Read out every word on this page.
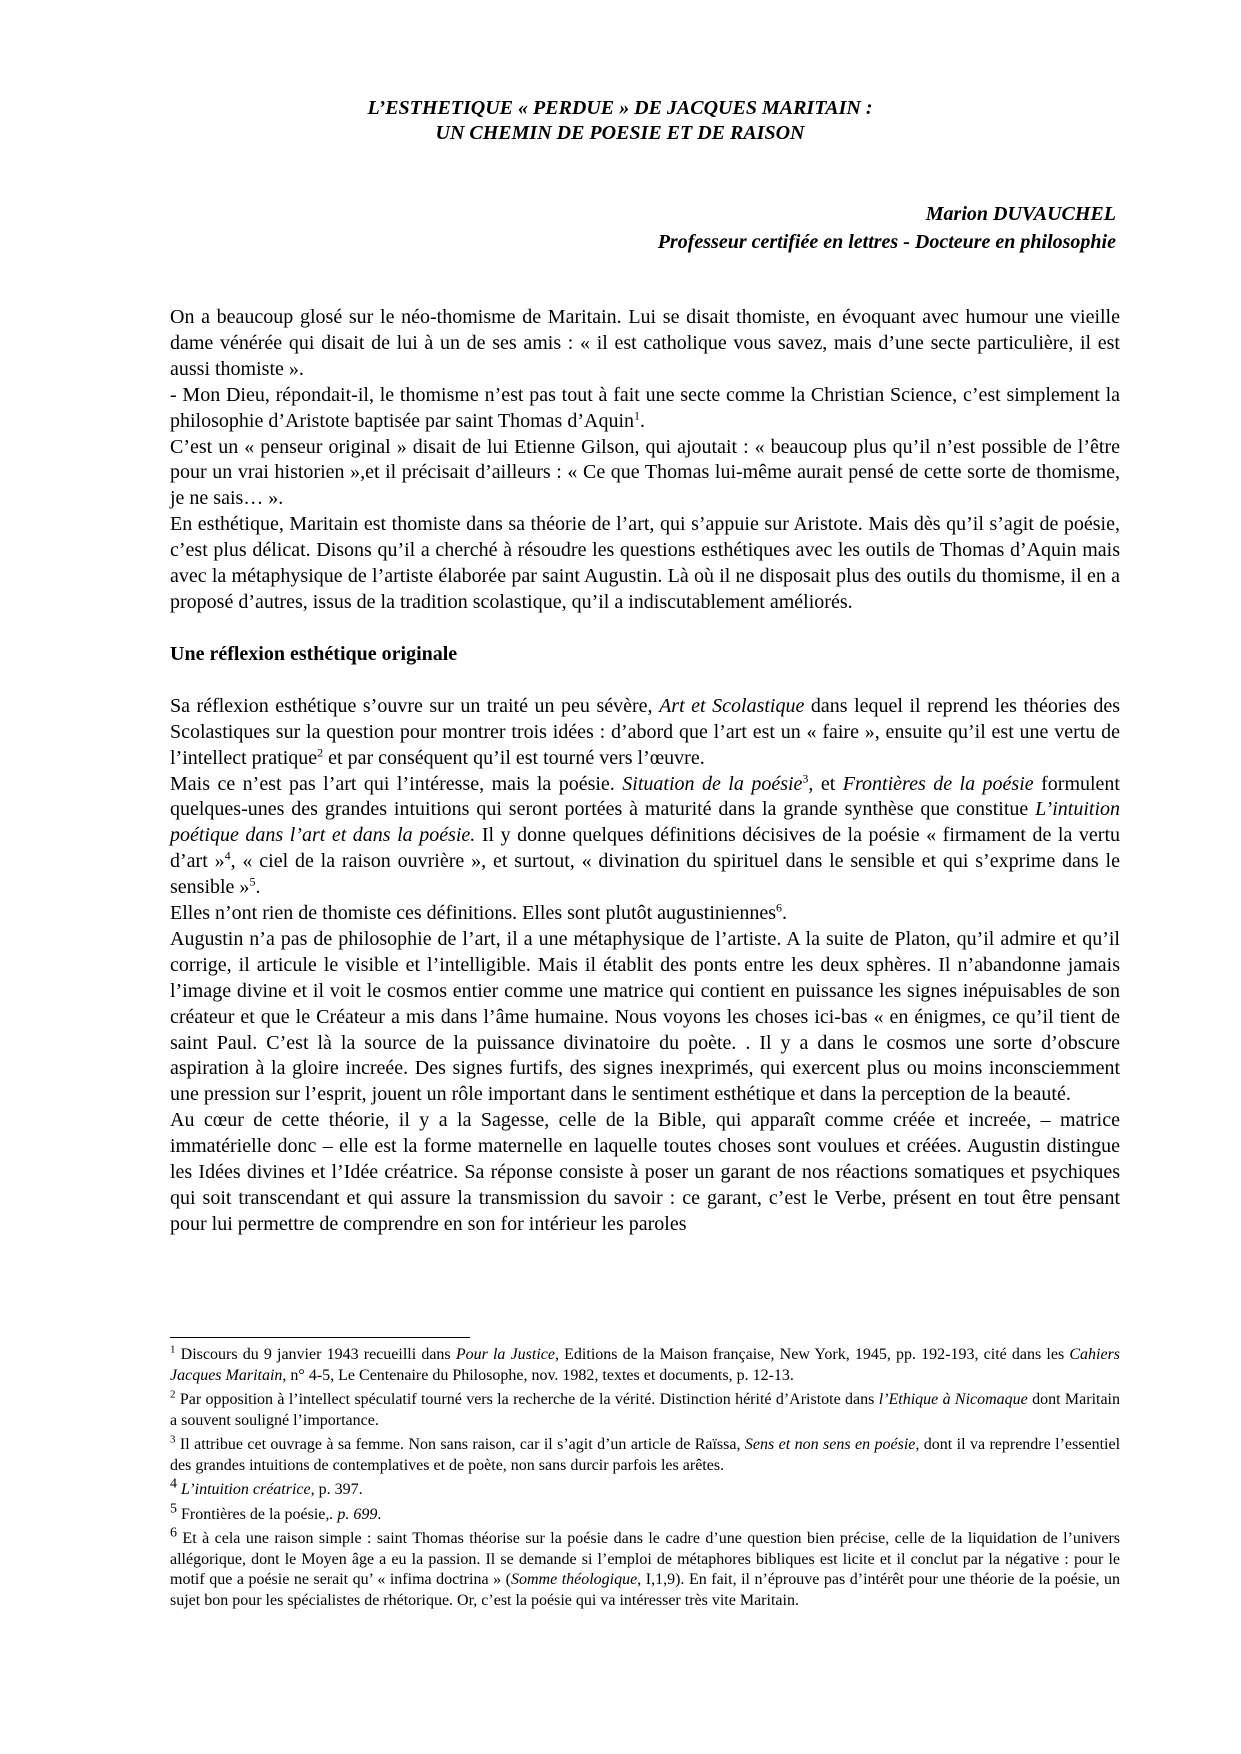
L’ESTHETIQUE « PERDUE » DE JACQUES MARITAIN :
UN CHEMIN DE POESIE ET DE RAISON
Marion DUVAUCHEL
Professeur certifiée en lettres - Docteure en philosophie

On a beaucoup glosé sur le néo-thomisme de Maritain. Lui se disait thomiste, en évoquant avec humour une vieille dame vénérée qui disait de lui à un de ses amis : « il est catholique vous savez, mais d’une secte particulière, il est aussi thomiste ».

- Mon Dieu, répondait-il, le thomisme n’est pas tout à fait une secte comme la Christian Science, c’est simplement la philosophie d’Aristote baptisée par saint Thomas d’Aquin$^1$.

C’est un « penseur original » disait de lui Etienne Gilson, qui ajoutait : « beaucoup plus qu’il n’est possible de l’être pour un vrai historien »,et il précisait d’ailleurs : « Ce que Thomas lui-même aurait pensé de cette sorte de thomisme, je ne sais… ».

En esthétique, Maritain est thomiste dans sa théorie de l’art, qui s’appuie sur Aristote. Mais dès qu’il s’agit de poésie, c’est plus délicat. Disons qu’il a cherché à résoudre les questions esthétiques avec les outils de Thomas d’Aquin mais avec la métaphysique de l’artiste élaborée par saint Augustin. Là où il ne disposait plus des outils du thomisme, il en a proposé d’autres, issus de la tradition scolastique, qu’il a indiscutablement améliorés.

Une réflexion esthétique originale

Sa réflexion esthétique s’ouvre sur un traité un peu sévère, Art et Scolastique dans lequel il reprend les théories des Scolastiques sur la question pour montrer trois idées : d’abord que l’art est un « faire », ensuite qu’il est une vertu de l’intellect pratique$^2$ et par conséquent qu’il est tourné vers l’œuvre.

Mais ce n’est pas l’art qui l’intéresse, mais la poésie. Situation de la poésie$^3$, et Frontières de la poésie formulent quelques-unes des grandes intuitions qui seront portées à maturité dans la grande synthèse que constitue L’intuition poétique dans l’art et dans la poésie. Il y donne quelques définitions décisives de la poésie « firmament de la vertu d’art »$^4$, « ciel de la raison ouvrière », et surtout, « divination du spirituel dans le sensible et qui s’exprime dans le sensible »$^5$.

Elles n’ont rien de thomiste ces définitions. Elles sont plutôt augustiniennes$^6$.

Augustin n’a pas de philosophie de l’art, il a une métaphysique de l’artiste. A la suite de Platon, qu’il admire et qu’il corrige, il articule le visible et l’intelligible. Mais il établit des ponts entre les deux sphères. Il n’abandonne jamais l’image divine et il voit le cosmos entier comme une matrice qui contient en puissance les signes inépuisables de son créateur et que le Créateur a mis dans l’âme humaine. Nous voyons les choses ici-bas « en énigmes, ce qu’il tient de saint Paul. C’est là la source de la puissance divinatoire du poète. . Il y a dans le cosmos une sorte d’obscure aspiration à la gloire increée. Des signes furtifs, des signes inexprimés, qui exercent plus ou moins inconsciemment une pression sur l’esprit, jouent un rôle important dans le sentiment esthétique et dans la perception de la beauté.

Au cœur de cette théorie, il y a la Sagesse, celle de la Bible, qui apparaît comme créée et increée, – matrice immatérielle donc – elle est la forme maternelle en laquelle toutes choses sont voulues et créées. Augustin distingue les Idées divines et l’Idée créatrice. Sa réponse consiste à poser un garant de nos réactions somatiques et psychiques qui soit transcendant et qui assure la transmission du savoir : ce garant, c’est le Verbe, présent en tout être pensant pour lui permettre de comprendre en son for intérieur les paroles

$^1$ Discours du 9 janvier 1943 recueilli dans Pour la Justice, Editions de la Maison française, New York, 1945, pp. 192-193, cité dans les Cahiers Jacques Maritain, n° 4-5, Le Centenaire du Philosophe, nov. 1982, textes et documents, p. 12-13.

$^2$ Par opposition à l’intellect spéculatif tourné vers la recherche de la vérité. Distinction hérité d’Aristote dans l’Ethique à Nicomaque dont Maritain a souvent souligné l’importance.

$^3$ Il attribue cet ouvrage à sa femme. Non sans raison, car il s’agit d’un article de Raïssa, Sens et non sens en poésie, dont il va reprendre l’essentiel des grandes intuitions de contemplatives et de poète, non sans durcir parfois les arêtes.

$^4$ L’intuition créatrice, p. 397.

$^5$ Frontières de la poésie,. p. 699.

$^6$ Et à cela une raison simple : saint Thomas théorise sur la poésie dans le cadre d’une question bien précise, celle de la liquidation de l’univers allégorique, dont le Moyen âge a eu la passion. Il se demande si l’emploi de métaphores bibliques est licite et il conclut par la négative : pour le motif que a poésie ne serait qu’ « infima doctrina » (Somme théologique, I,1,9). En fait, il n’éprouve pas d’intérêt pour une théorie de la poésie, un sujet bon pour les spécialistes de rhétorique. Or, c’est la poésie qui va intéresser très vite Maritain.
